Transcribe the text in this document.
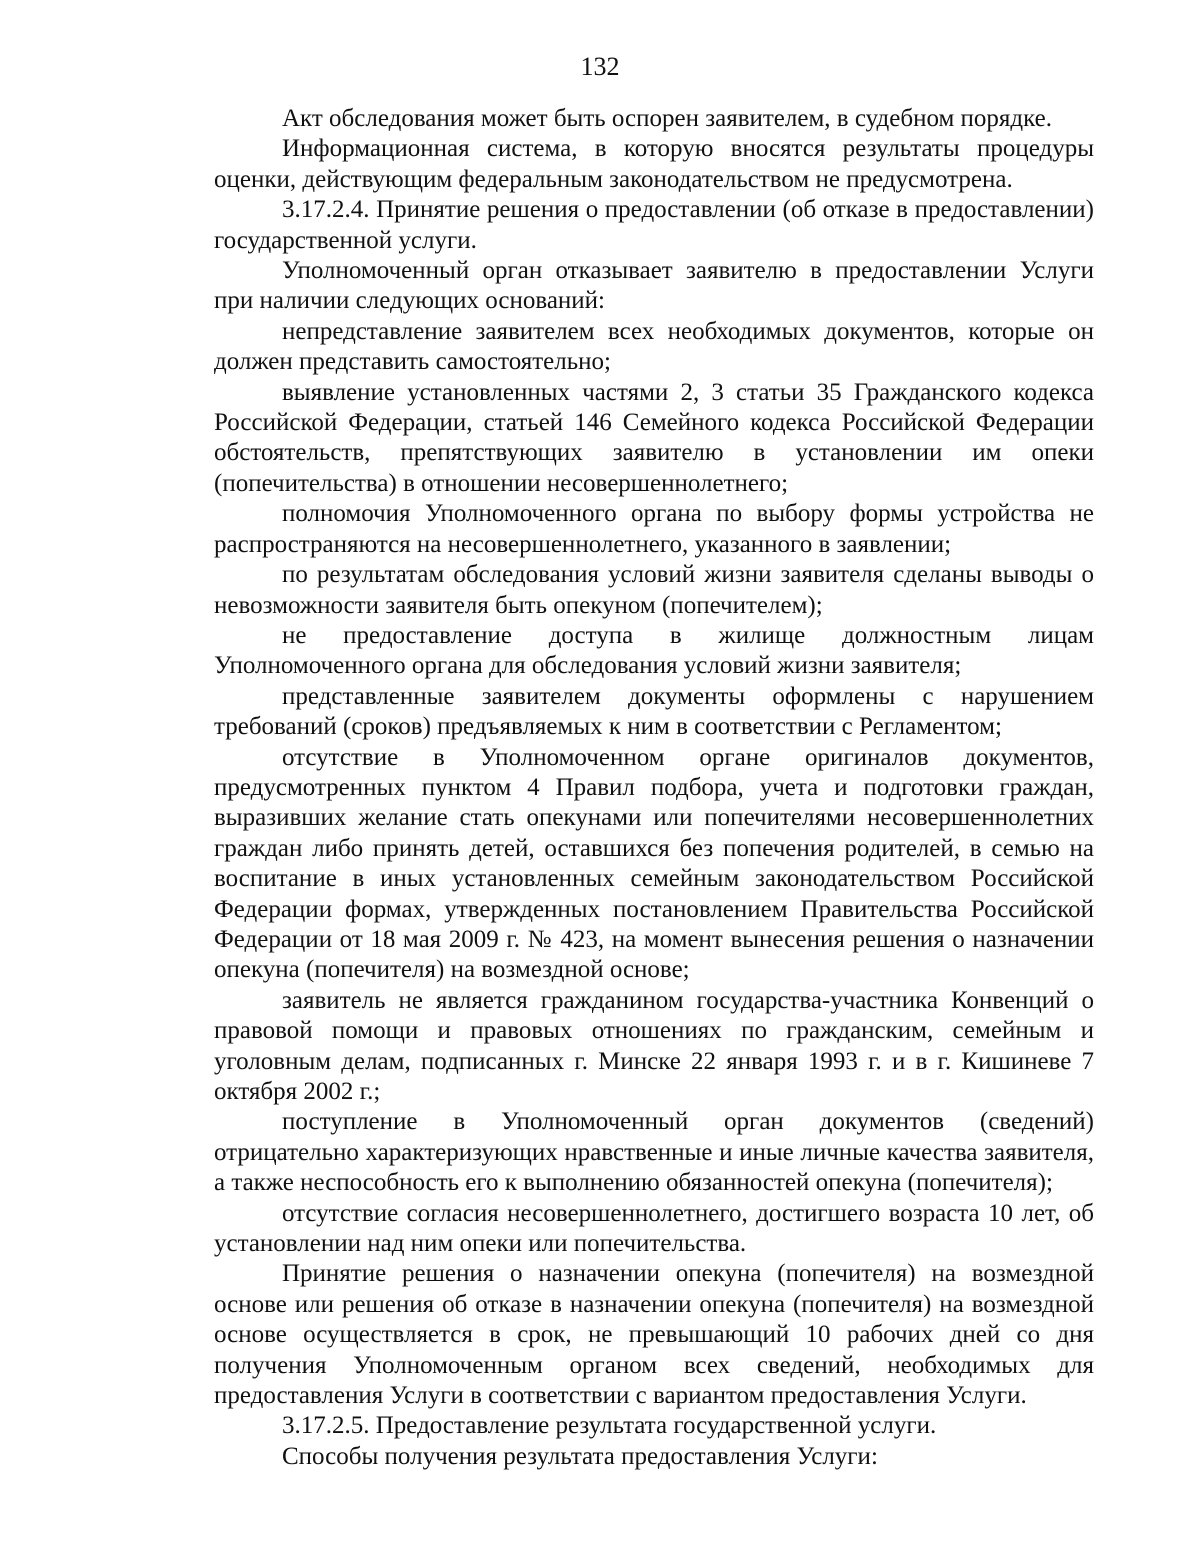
132

Акт обследования может быть оспорен заявителем, в судебном порядке.

Информационная система, в которую вносятся результаты процедуры оценки, действующим федеральным законодательством не предусмотрена.

3.17.2.4. Принятие решения о предоставлении (об отказе в предоставлении) государственной услуги.

Уполномоченный орган отказывает заявителю в предоставлении Услуги при наличии следующих оснований:

непредставление заявителем всех необходимых документов, которые он должен представить самостоятельно;

выявление установленных частями 2, 3 статьи 35 Гражданского кодекса Российской Федерации, статьей 146 Семейного кодекса Российской Федерации обстоятельств, препятствующих заявителю в установлении им опеки (попечительства) в отношении несовершеннолетнего;

полномочия Уполномоченного органа по выбору формы устройства не распространяются на несовершеннолетнего, указанного в заявлении;

по результатам обследования условий жизни заявителя сделаны выводы о невозможности заявителя быть опекуном (попечителем);

не предоставление доступа в жилище должностным лицам Уполномоченного органа для обследования условий жизни заявителя;

представленные заявителем документы оформлены с нарушением требований (сроков) предъявляемых к ним в соответствии с Регламентом;

отсутствие в Уполномоченном органе оригиналов документов, предусмотренных пунктом 4 Правил подбора, учета и подготовки граждан, выразивших желание стать опекунами или попечителями несовершеннолетних граждан либо принять детей, оставшихся без попечения родителей, в семью на воспитание в иных установленных семейным законодательством Российской Федерации формах, утвержденных постановлением Правительства Российской Федерации от 18 мая 2009 г. № 423, на момент вынесения решения о назначении опекуна (попечителя) на возмездной основе;

заявитель не является гражданином государства-участника Конвенций о правовой помощи и правовых отношениях по гражданским, семейным и уголовным делам, подписанных г. Минске 22 января 1993 г. и в г. Кишиневе 7 октября 2002 г.;

поступление в Уполномоченный орган документов (сведений) отрицательно характеризующих нравственные и иные личные качества заявителя, а также неспособность его к выполнению обязанностей опекуна (попечителя);

отсутствие согласия несовершеннолетнего, достигшего возраста 10 лет, об установлении над ним опеки или попечительства.

Принятие решения о назначении опекуна (попечителя) на возмездной основе или решения об отказе в назначении опекуна (попечителя) на возмездной основе осуществляется в срок, не превышающий 10 рабочих дней со дня получения Уполномоченным органом всех сведений, необходимых для предоставления Услуги в соответствии с вариантом предоставления Услуги.

3.17.2.5. Предоставление результата государственной услуги.

Способы получения результата предоставления Услуги:
